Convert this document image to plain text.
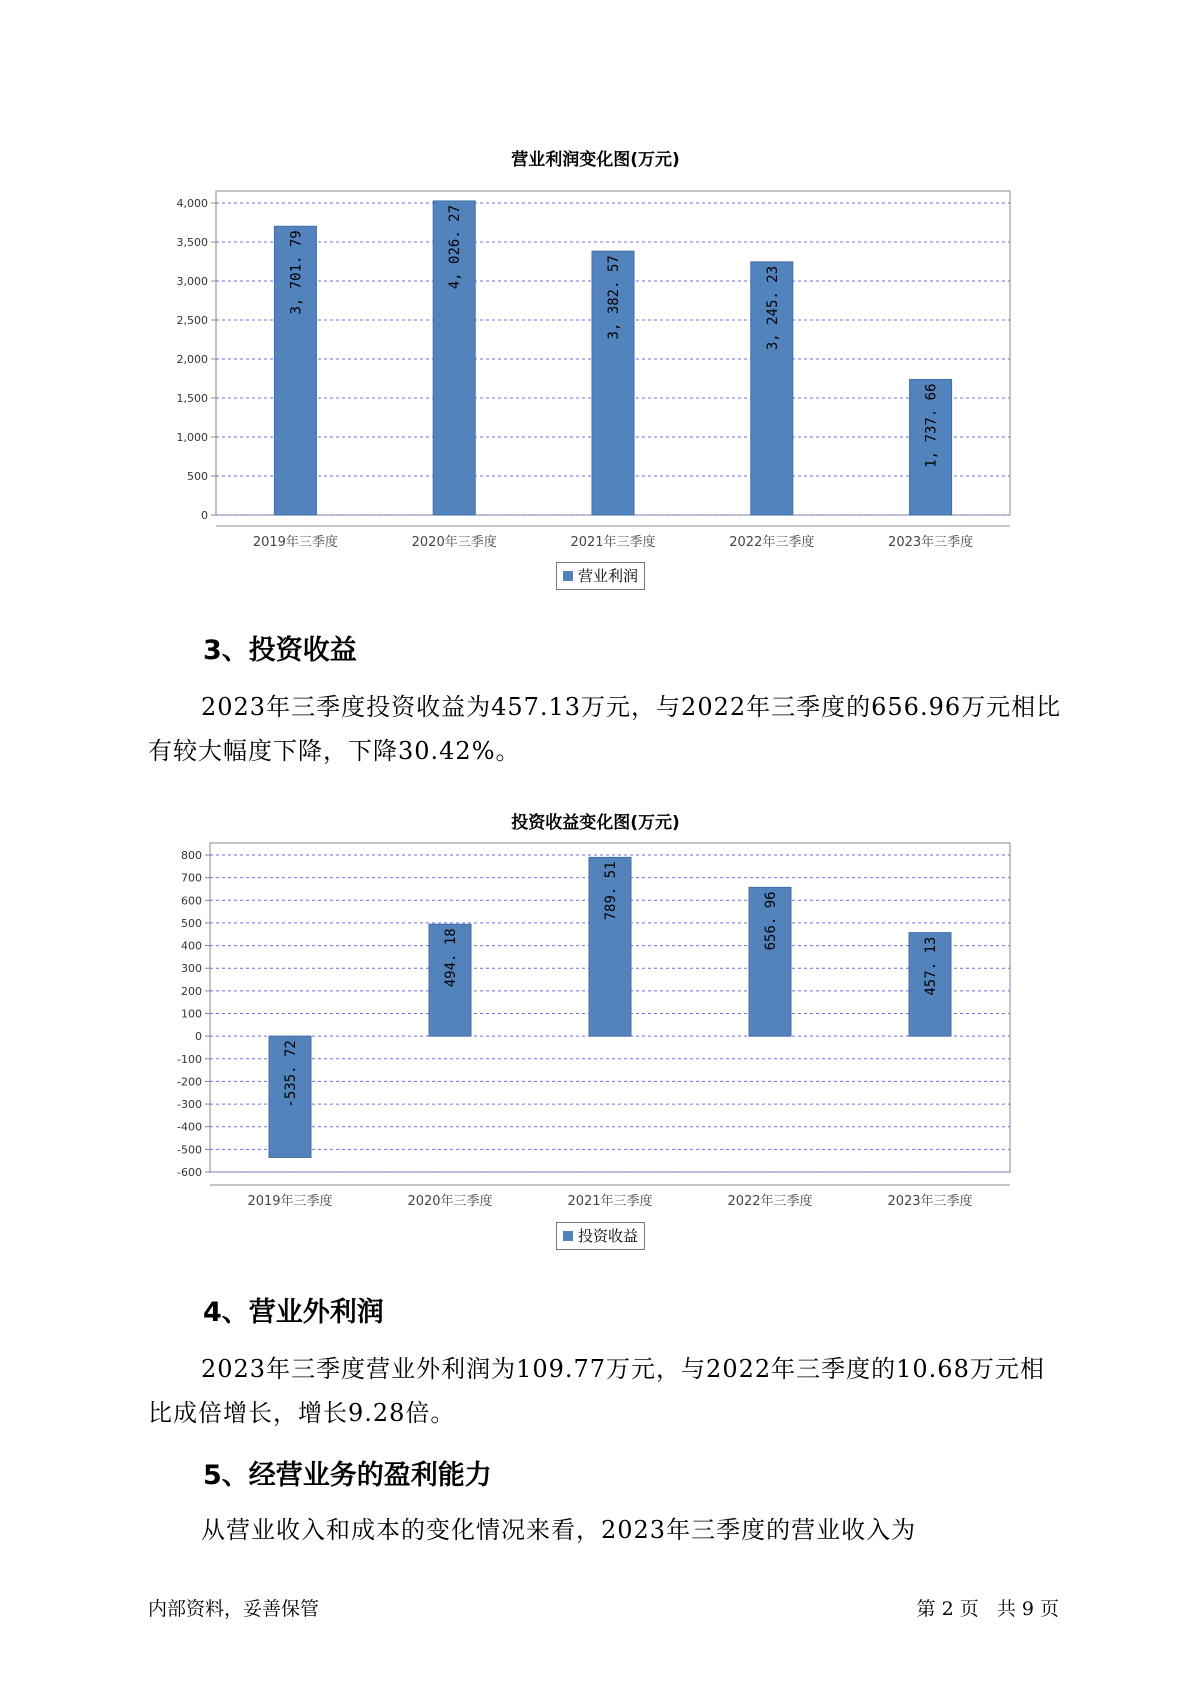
营业利润变化图(万元)
0
500
1,000
1,500
2,000
2,500
3,000
3,500
4,000
3, 701. 79
2019年三季度
4, 026. 27
2020年三季度
3, 382. 57
2021年三季度
3, 245. 23
2022年三季度
1, 737. 66
2023年三季度
营业利润
3、投资收益
2023年三季度投资收益为457.13万元，与2022年三季度的656.96万元相比有较大幅度下降，下降30.42%。
投资收益变化图(万元)
-600
-500
-400
-300
-200
-100
0
100
200
300
400
500
600
700
800
-535. 72
2019年三季度
494. 18
2020年三季度
789. 51
2021年三季度
656. 96
2022年三季度
457. 13
2023年三季度
投资收益
4、营业外利润
2023年三季度营业外利润为109.77万元，与2022年三季度的10.68万元相比成倍增长，增长9.28倍。
5、经营业务的盈利能力
从营业收入和成本的变化情况来看，2023年三季度的营业收入为
内部资料，妥善保管	第 2 页   共 9 页
